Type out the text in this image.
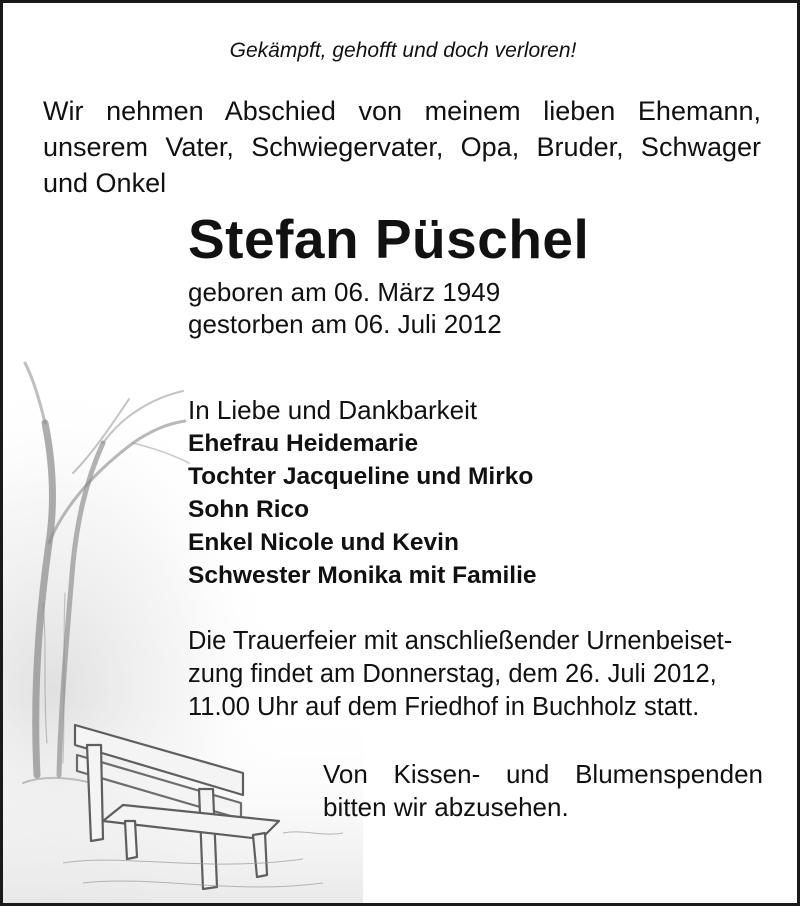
Gekämpft, gehofft und doch verloren!
Wir nehmen Abschied von meinem lieben Ehemann, unserem Vater, Schwiegervater, Opa, Bruder, Schwager und Onkel
Stefan Püschel
geboren am 06. März 1949
gestorben am 06. Juli 2012
In Liebe und Dankbarkeit
Ehefrau Heidemarie
Tochter Jacqueline und Mirko
Sohn Rico
Enkel Nicole und Kevin
Schwester Monika mit Familie
Die Trauerfeier mit anschließender Urnenbeiset-
zung findet am Donnerstag, dem 26. Juli 2012,
11.00 Uhr auf dem Friedhof in Buchholz statt.
Von Kissen- und Blumenspenden
bitten wir abzusehen.
